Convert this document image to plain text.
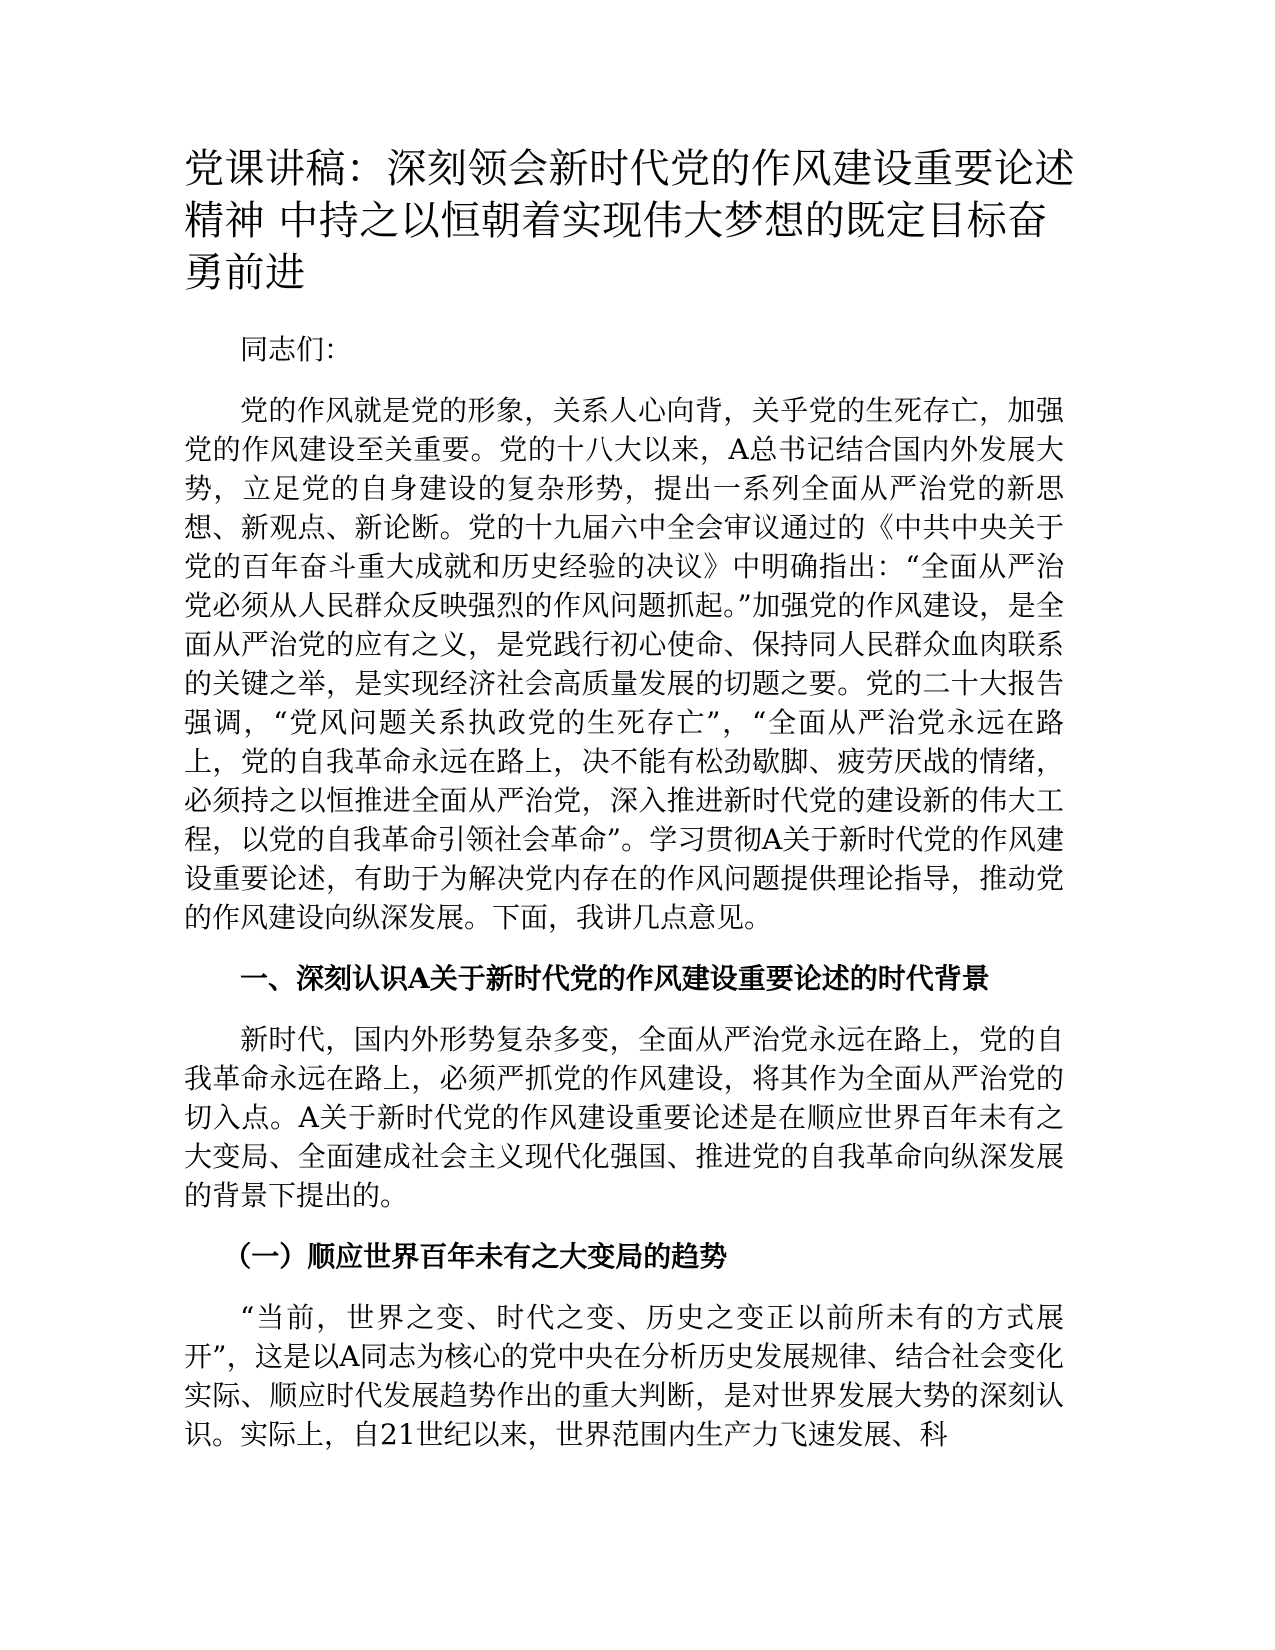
党课讲稿：深刻领会新时代党的作风建设重要论述精神 中持之以恒朝着实现伟大梦想的既定目标奋勇前进

同志们：

党的作风就是党的形象，关系人心向背，关乎党的生死存亡，加强党的作风建设至关重要。党的十八大以来，A总书记结合国内外发展大势，立足党的自身建设的复杂形势，提出一系列全面从严治党的新思想、新观点、新论断。党的十九届六中全会审议通过的《中共中央关于党的百年奋斗重大成就和历史经验的决议》中明确指出：“全面从严治党必须从人民群众反映强烈的作风问题抓起。”加强党的作风建设，是全面从严治党的应有之义，是党践行初心使命、保持同人民群众血肉联系的关键之举，是实现经济社会高质量发展的切题之要。党的二十大报告强调，“党风问题关系执政党的生死存亡”，“全面从严治党永远在路上，党的自我革命永远在路上，决不能有松劲歇脚、疲劳厌战的情绪，必须持之以恒推进全面从严治党，深入推进新时代党的建设新的伟大工程，以党的自我革命引领社会革命”。学习贯彻A关于新时代党的作风建设重要论述，有助于为解决党内存在的作风问题提供理论指导，推动党的作风建设向纵深发展。下面，我讲几点意见。

一、深刻认识A关于新时代党的作风建设重要论述的时代背景

新时代，国内外形势复杂多变，全面从严治党永远在路上，党的自我革命永远在路上，必须严抓党的作风建设，将其作为全面从严治党的切入点。A关于新时代党的作风建设重要论述是在顺应世界百年未有之大变局、全面建成社会主义现代化强国、推进党的自我革命向纵深发展的背景下提出的。

（一）顺应世界百年未有之大变局的趋势

“当前，世界之变、时代之变、历史之变正以前所未有的方式展开”，这是以A同志为核心的党中央在分析历史发展规律、结合社会变化实际、顺应时代发展趋势作出的重大判断，是对世界发展大势的深刻认识。实际上，自21世纪以来，世界范围内生产力飞速发展、科
